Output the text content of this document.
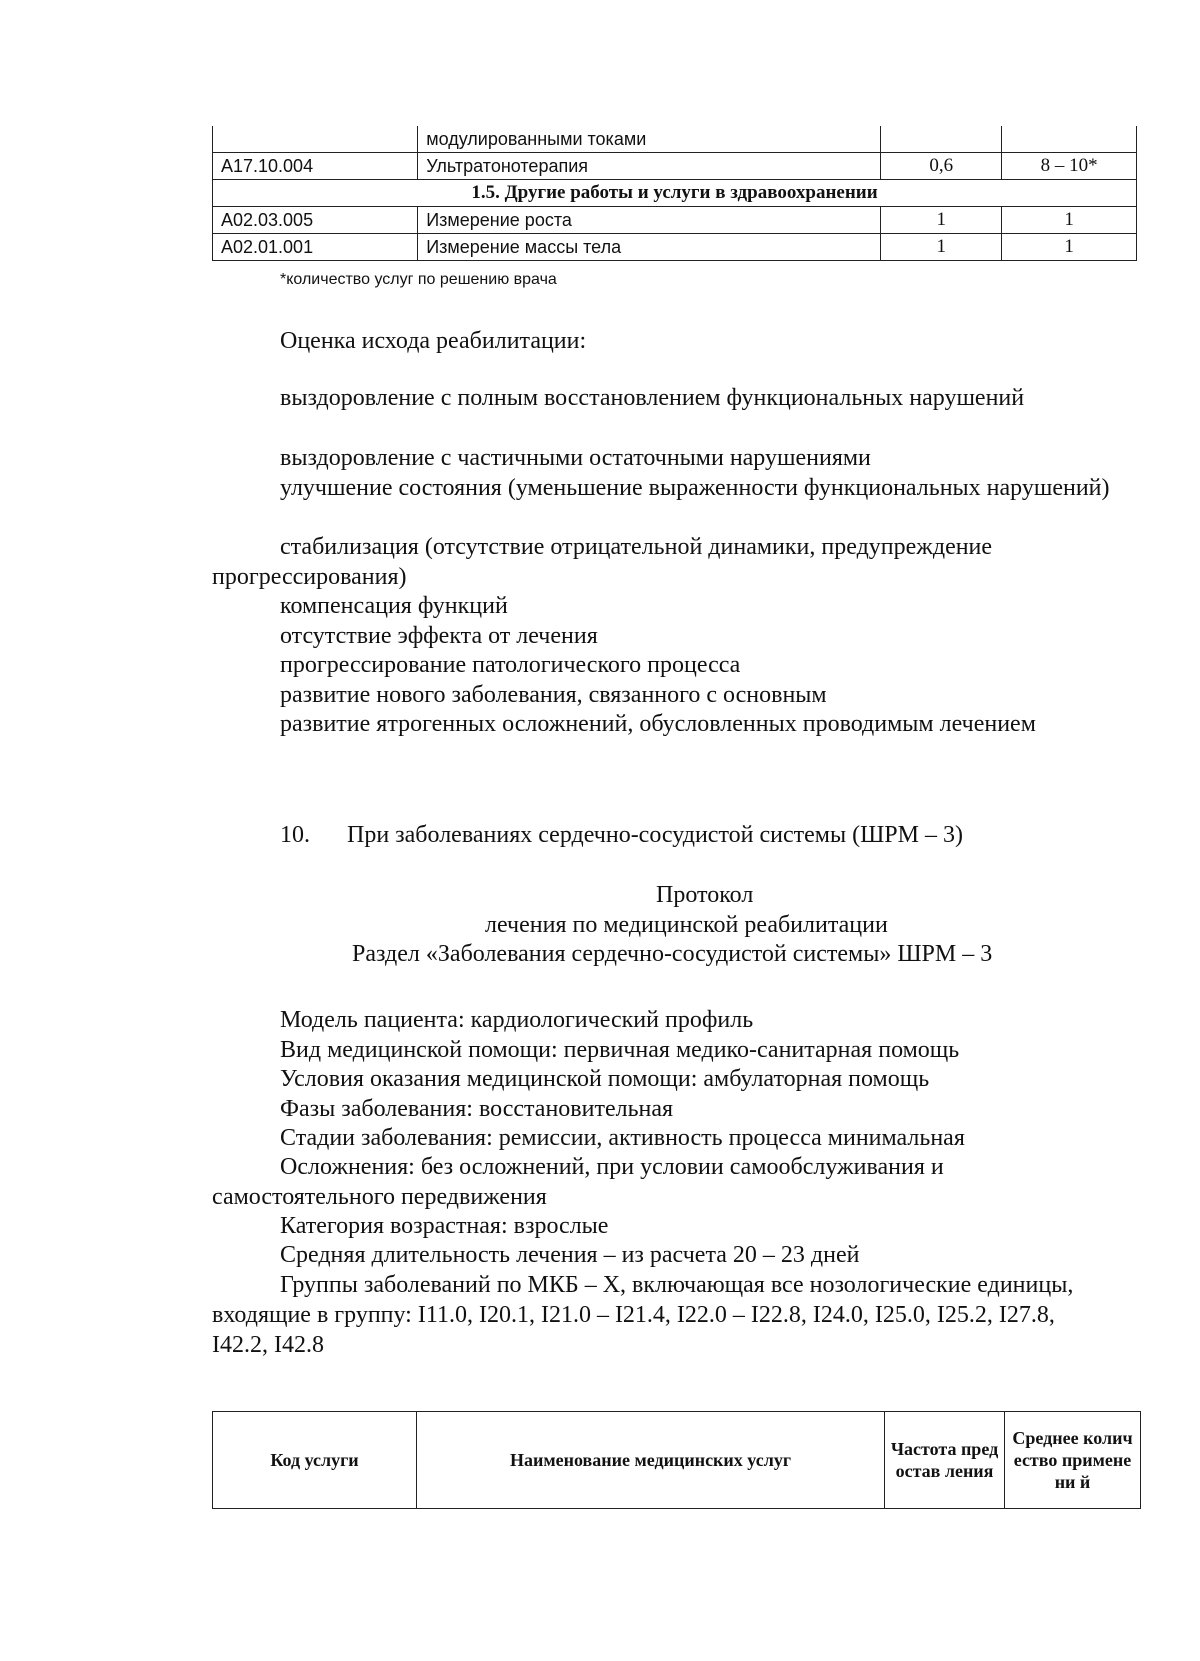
	модулированными токами		
A17.10.004	Ультратонотерапия	0,6	8 – 10*
1.5. Другие работы и услуги в здравоохранении			
A02.03.005	Измерение роста	1	1
A02.01.001	Измерение массы тела	1	1
*количество услуг по решению врача
Оценка исхода реабилитации:
выздоровление с полным восстановлением функциональных нарушений
выздоровление с частичными остаточными нарушениями
улучшение состояния (уменьшение выраженности функциональных нарушений)
стабилизация (отсутствие отрицательной динамики, предупреждение прогрессирования)
компенсация функций
отсутствие эффекта от лечения
прогрессирование патологического процесса
развитие нового заболевания, связанного с основным
развитие ятрогенных осложнений, обусловленных проводимым лечением
10. При заболеваниях сердечно-сосудистой системы (ШРМ – 3)
Протокол
лечения по медицинской реабилитации
Раздел «Заболевания сердечно-сосудистой системы» ШРМ – 3
Модель пациента: кардиологический профиль
Вид медицинской помощи: первичная медико-санитарная помощь
Условия оказания медицинской помощи: амбулаторная помощь
Фазы заболевания: восстановительная
Стадии заболевания: ремиссии, активность процесса минимальная
Осложнения: без осложнений, при условии самообслуживания и самостоятельного передвижения
Категория возрастная: взрослые
Средняя длительность лечения – из расчета 20 – 23 дней
Группы заболеваний по МКБ – Х, включающая все нозологические единицы, входящие в группу: I11.0, I20.1, I21.0 – I21.4, I22.0 – I22.8, I24.0, I25.0, I25.2, I27.8, I42.2, I42.8
Код услуги	Наименование медицинских услуг	Частота предостав ления	Среднее количество применени й
